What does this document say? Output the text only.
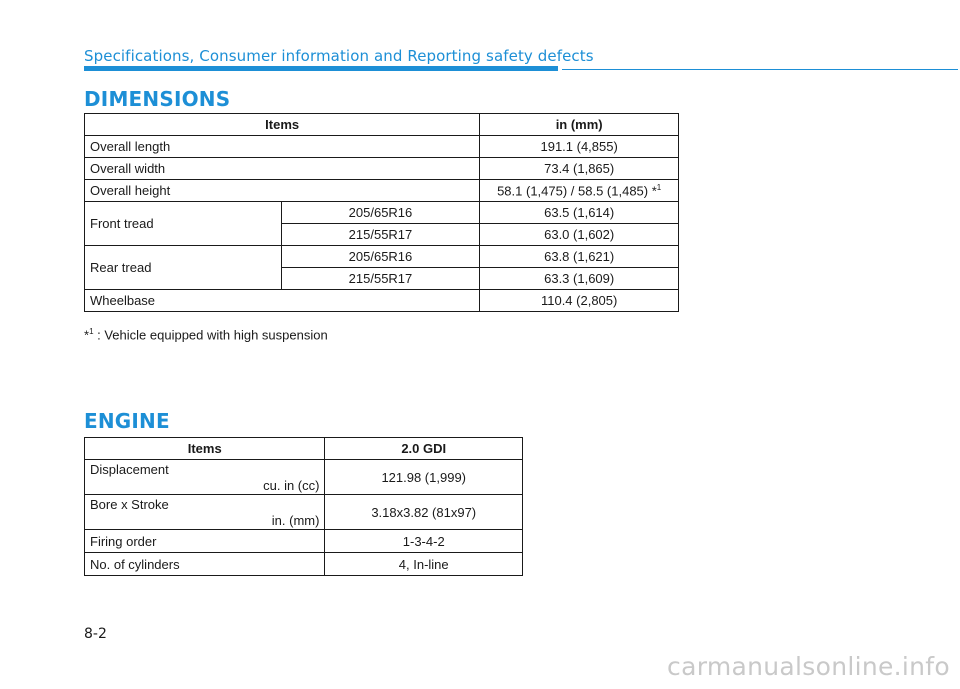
Specifications, Consumer information and Reporting safety defects
DIMENSIONS
Items		in (mm)
Overall length		191.1 (4,855)
Overall width		73.4 (1,865)
Overall height		58.1 (1,475) / 58.5 (1,485) *$^1$
Front tread	205/65R16	63.5 (1,614)
	215/55R17	63.0 (1,602)
Rear tread	205/65R16	63.8 (1,621)
	215/55R17	63.3 (1,609)
Wheelbase		110.4 (2,805)
*$^1$ : Vehicle equipped with high suspension
ENGINE
Items	2.0 GDI
Displacement
cu. in (cc)	121.98 (1,999)
Bore x Stroke
in. (mm)	3.18x3.82 (81x97)
Firing order	1-3-4-2
No. of cylinders	4, In-line
8-2
carmanualsonline.info
